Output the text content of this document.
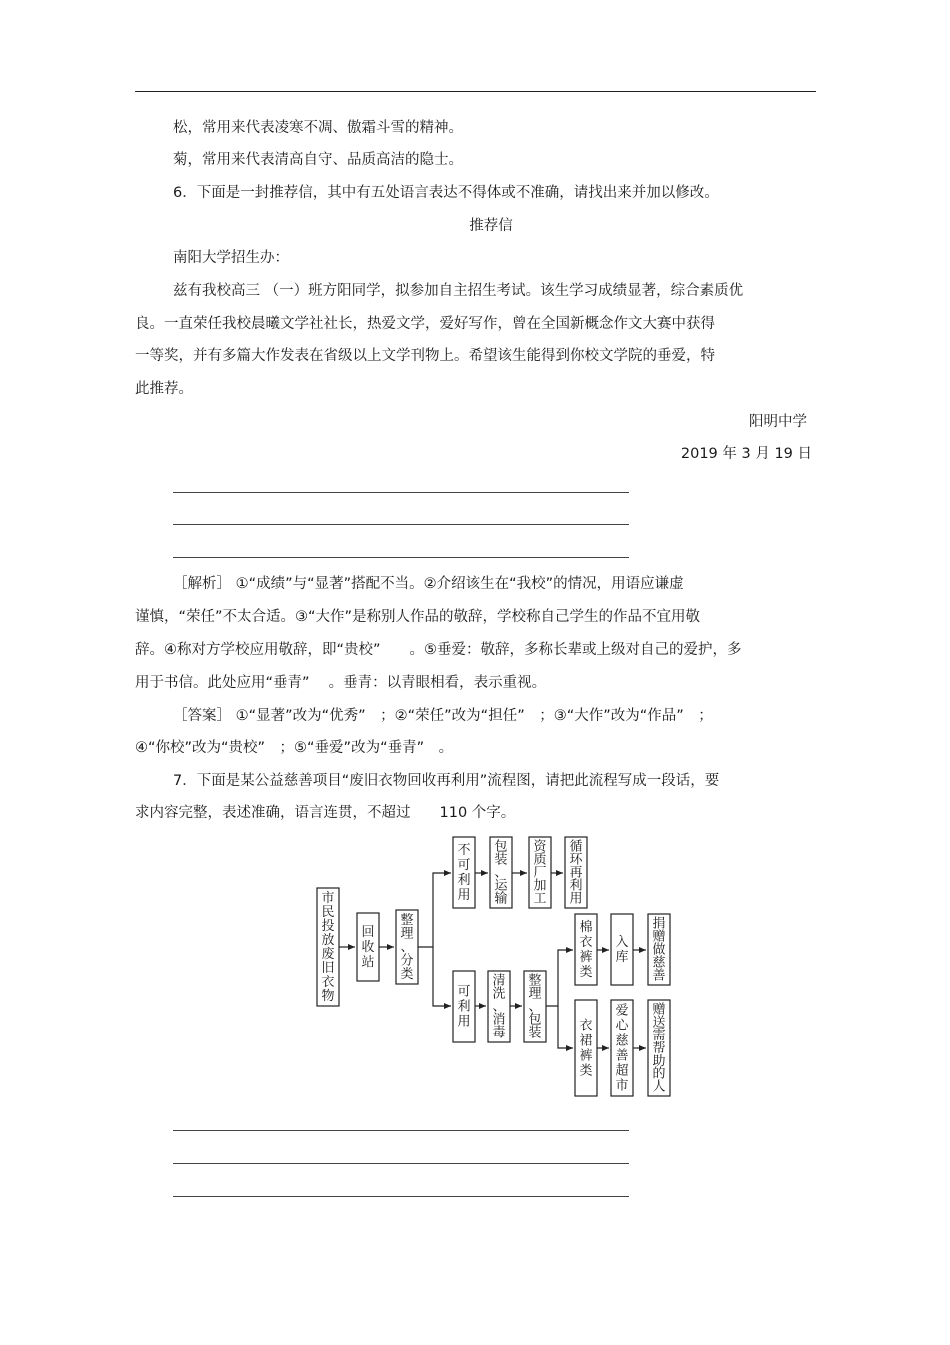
松，常用来代表凌寒不凋、傲霜斗雪的精神。
菊，常用来代表清高自守、品质高洁的隐士。
6．下面是一封推荐信，其中有五处语言表达不得体或不准确，请找出来并加以修改。
推荐信
南阳大学招生办：
兹有我校高三 （一）班方阳同学，拟参加自主招生考试。该生学习成绩显著，综合素质优
良。一直荣任我校晨曦文学社社长，热爱文学，爱好写作，曾在全国新概念作文大赛中获得
一等奖，并有多篇大作发表在省级以上文学刊物上。希望该生能得到你校文学院的垂爱，特
此推荐。
阳明中学
2019 年 3 月 19 日
［解析］ ①“成绩”与“显著”搭配不当。②介绍该生在“我校”的情况，用语应谦虚
谨慎，“荣任”不太合适。③“大作”是称别人作品的敬辞，学校称自己学生的作品不宜用敬
辞。④称对方学校应用敬辞，即“贵校”　　。⑤垂爱：敬辞，多称长辈或上级对自己的爱护，多
用于书信。此处应用“垂青”　 。垂青：以青眼相看，表示重视。
［答案］ ①“显著”改为“优秀”　；②“荣任”改为“担任”　；③“大作”改为“作品”　；
④“你校”改为“贵校”　；⑤“垂爱”改为“垂青”　。
7．下面是某公益慈善项目“废旧衣物回收再利用”流程图，请把此流程写成一段话，要
求内容完整，表述准确，语言连贯，不超过　　110 个字。
市民投放废旧衣物
回收站
整理、分类
不可利用
包装、运输
资质厂加工
循环再利用
可利用
清洗、消毒
整理、包装
棉衣裤类
入库
捐赠做慈善
衣裙裤类
爱心慈善超市
赠送需帮助的人
